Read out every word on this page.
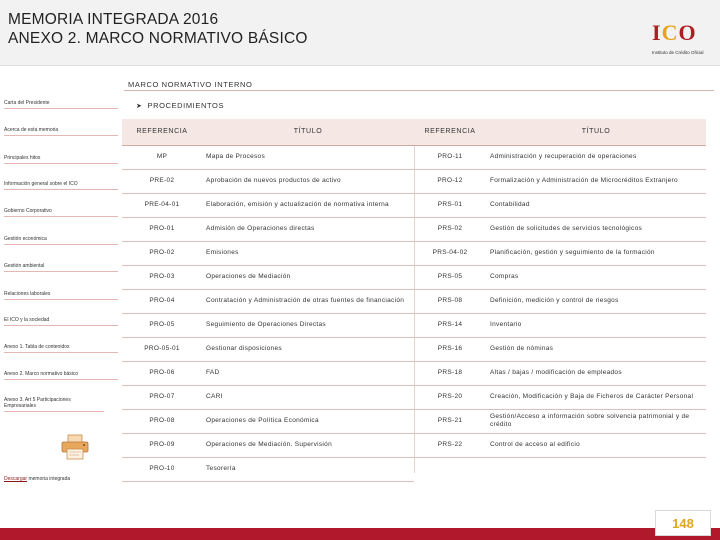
MEMORIA INTEGRADA 2016
ANEXO 2. MARCO NORMATIVO BÁSICO	ICO
Instituto de Crédito Oficial
Carta del Presidente
Acerca de esta memoria
Principales hitos
Información general sobre el ICO
Gobierno Corporativo
Gestión económica
Gestión ambiental
Relaciones laborales
El ICO y la sociedad
Anexo 1. Tabla de contenidos
Anexo 2. Marco normativo básico
Anexo 3. Art 5 Participaciones Empresariales
Descargar memoria integrada
MARCO NORMATIVO INTERNO
➤ PROCEDIMIENTOS
REFERENCIA	TÍTULO
MP	Mapa de Procesos
PRE-02	Aprobación de nuevos productos de activo
PRE-04-01	Elaboración, emisión y actualización de normativa interna
PRO-01	Admisión de Operaciones directas
PRO-02	Emisiones
PRO-03	Operaciones de Mediación
PRO-04	Contratación y Administración de otras fuentes de financiación
PRO-05	Seguimiento de Operaciones Directas
PRO-05-01	Gestionar disposiciones
PRO-06	FAD
PRO-07	CARI
PRO-08	Operaciones de Política Económica
PRO-09	Operaciones de Mediación. Supervisión
PRO-10	Tesorería
REFERENCIA	TÍTULO
PRO-11	Administración y recuperación de operaciones
PRO-12	Formalización y Administración de Microcréditos Extranjero
PRS-01	Contabilidad
PRS-02	Gestión de solicitudes de servicios tecnológicos
PRS-04-02	Planificación, gestión y seguimiento de la formación
PRS-05	Compras
PRS-08	Definición, medición y control de riesgos
PRS-14	Inventario
PRS-16	Gestión de nóminas
PRS-18	Altas / bajas / modificación de empleados
PRS-20	Creación, Modificación y Baja de Ficheros de Carácter Personal
PRS-21	Gestión/Acceso a información sobre solvencia patrimonial y de crédito
PRS-22	Control de acceso al edificio

148
